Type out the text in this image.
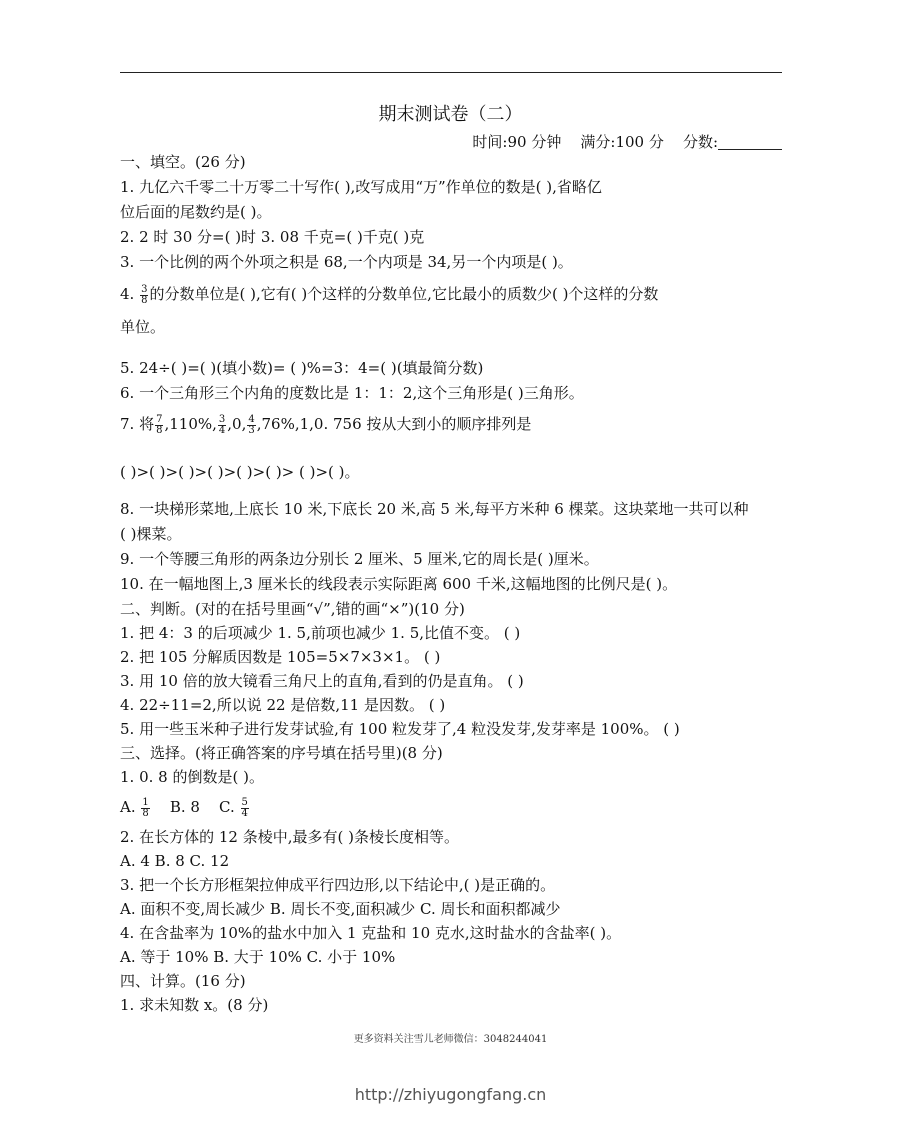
期末测试卷（二）
时间:90 分钟 满分:100 分 分数:
一、填空。(26 分)
1. 九亿六千零二十万零二十写作( ),改写成用“万”作单位的数是( ),省略亿
位后面的尾数约是( )。
2. 2 时 30 分=( )时 3. 08 千克=( )千克( )克
3. 一个比例的两个外项之积是 68,一个内项是 34,另一个内项是( )。
4. $\frac{3}{8}$ 的分数单位是( ),它有( )个这样的分数单位,它比最小的质数少( )个这样的分数
单位。
5. 24÷( )=( )(填小数)= ( )%=3：4=( )(填最简分数)
6. 一个三角形三个内角的度数比是 1：1：2,这个三角形是( )三角形。
7. 将 $\frac{7}{8} ,110\%$, $\frac{3}{4} ,0$, $\frac{4}{3} ,76\%,1,0$. 756 按从大到小的顺序排列是
( )>( )>( )>( )>( )>( )> ( )>( )。
8. 一块梯形菜地,上底长 10 米,下底长 20 米,高 5 米,每平方米种 6 棵菜。这块菜地一共可以种
( )棵菜。
9. 一个等腰三角形的两条边分别长 2 厘米、5 厘米,它的周长是( )厘米。
10. 在一幅地图上,3 厘米长的线段表示实际距离 600 千米,这幅地图的比例尺是( )。
二、判断。(对的在括号里画“√”,错的画“×”)(10 分)
1. 把 4：3 的后项减少 1. 5,前项也减少 1. 5,比值不变。 ( )
2. 把 105 分解质因数是 105=5×7×3×1。 ( )
3. 用 10 倍的放大镜看三角尺上的直角,看到的仍是直角。 ( )
4. 22÷11=2,所以说 22 是倍数,11 是因数。 ( )
5. 用一些玉米种子进行发芽试验,有 100 粒发芽了,4 粒没发芽,发芽率是 100%。 ( )
三、选择。(将正确答案的序号填在括号里)(8 分)
1. 0. 8 的倒数是( )。
A. $\frac{1}{8} B$. 8 C. $\frac{5}{4}$
2. 在长方体的 12 条棱中,最多有( )条棱长度相等。
A. 4 B. 8 C. 12
3. 把一个长方形框架拉伸成平行四边形,以下结论中,( )是正确的。
A. 面积不变,周长减少 B. 周长不变,面积减少 C. 周长和面积都减少
4. 在含盐率为 10%的盐水中加入 1 克盐和 10 克水,这时盐水的含盐率( )。
A. 等于 10% B. 大于 10% C. 小于 10%
四、计算。(16 分)
1. 求未知数 x。(8 分)
更多资料关注雪儿老师微信：3048244041
http://zhiyugongfang.cn
